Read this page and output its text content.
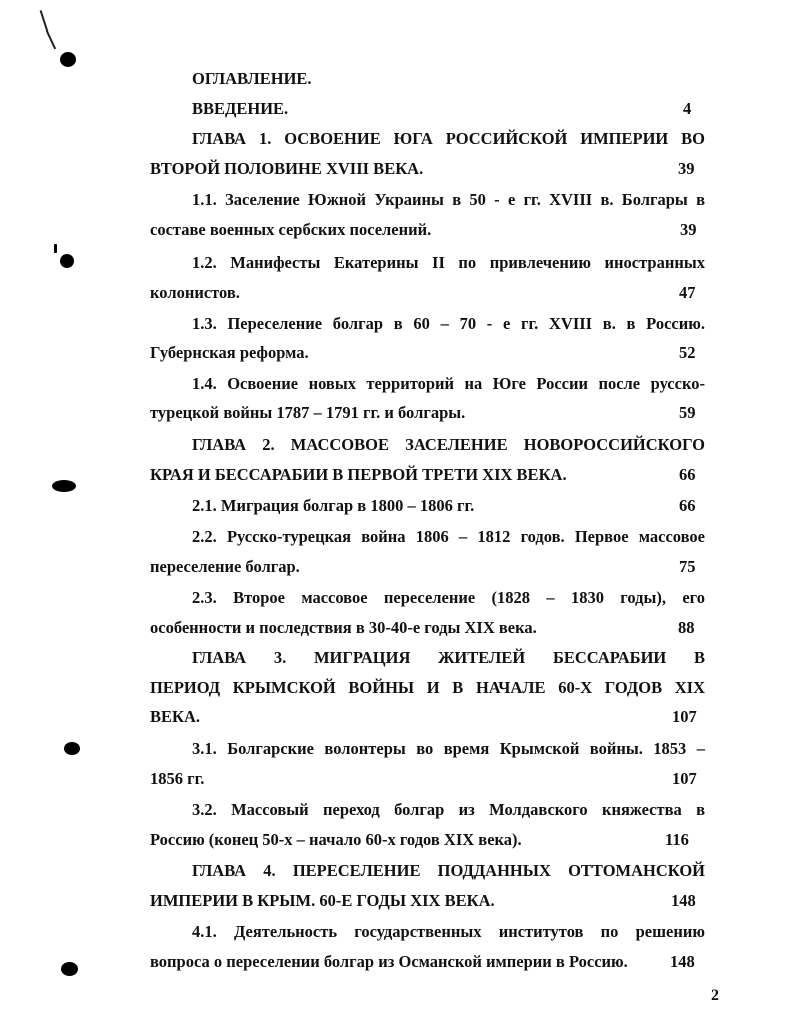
ОГЛАВЛЕНИЕ.
ВВЕДЕНИЕ.	4
ГЛАВА 1. ОСВОЕНИЕ ЮГА РОССИЙСКОЙ ИМПЕРИИ ВО
ВТОРОЙ ПОЛОВИНЕ XVIII ВЕКА.	39
1.1. Заселение Южной Украины в 50 - е гг. XVIII в. Болгары в
составе военных сербских поселений.	39
1.2. Манифесты Екатерины II по привлечению иностранных
колонистов.	47
1.3. Переселение болгар в 60 – 70 - е гг. XVIII в. в Россию.
Губернская реформа.	52
1.4. Освоение новых территорий на Юге России после русско-
турецкой войны 1787 – 1791 гг. и болгары.	59
ГЛАВА 2. МАССОВОЕ ЗАСЕЛЕНИЕ НОВОРОССИЙСКОГО
КРАЯ И БЕССАРАБИИ В ПЕРВОЙ ТРЕТИ XIX ВЕКА.	66
2.1. Миграция болгар в 1800 – 1806 гг.	66
2.2. Русско-турецкая война 1806 – 1812 годов. Первое массовое
переселение болгар.	75
2.3. Второе массовое переселение (1828 – 1830 годы), его
особенности и последствия в 30-40-е годы XIX века.	88
ГЛАВА 3. МИГРАЦИЯ ЖИТЕЛЕЙ БЕССАРАБИИ В
ПЕРИОД КРЫМСКОЙ ВОЙНЫ И В НАЧАЛЕ 60-Х ГОДОВ XIX
ВЕКА.	107
3.1. Болгарские волонтеры во время Крымской войны. 1853 –
1856 гг.	107
3.2. Массовый переход болгар из Молдавского княжества в
Россию (конец 50-х – начало 60-х годов XIX века).	116
ГЛАВА 4. ПЕРЕСЕЛЕНИЕ ПОДДАННЫХ ОТТОМАНСКОЙ
ИМПЕРИИ В КРЫМ. 60-Е ГОДЫ XIX ВЕКА.	148
4.1. Деятельность государственных институтов по решению
вопроса о переселении болгар из Османской империи в Россию.	148
2
